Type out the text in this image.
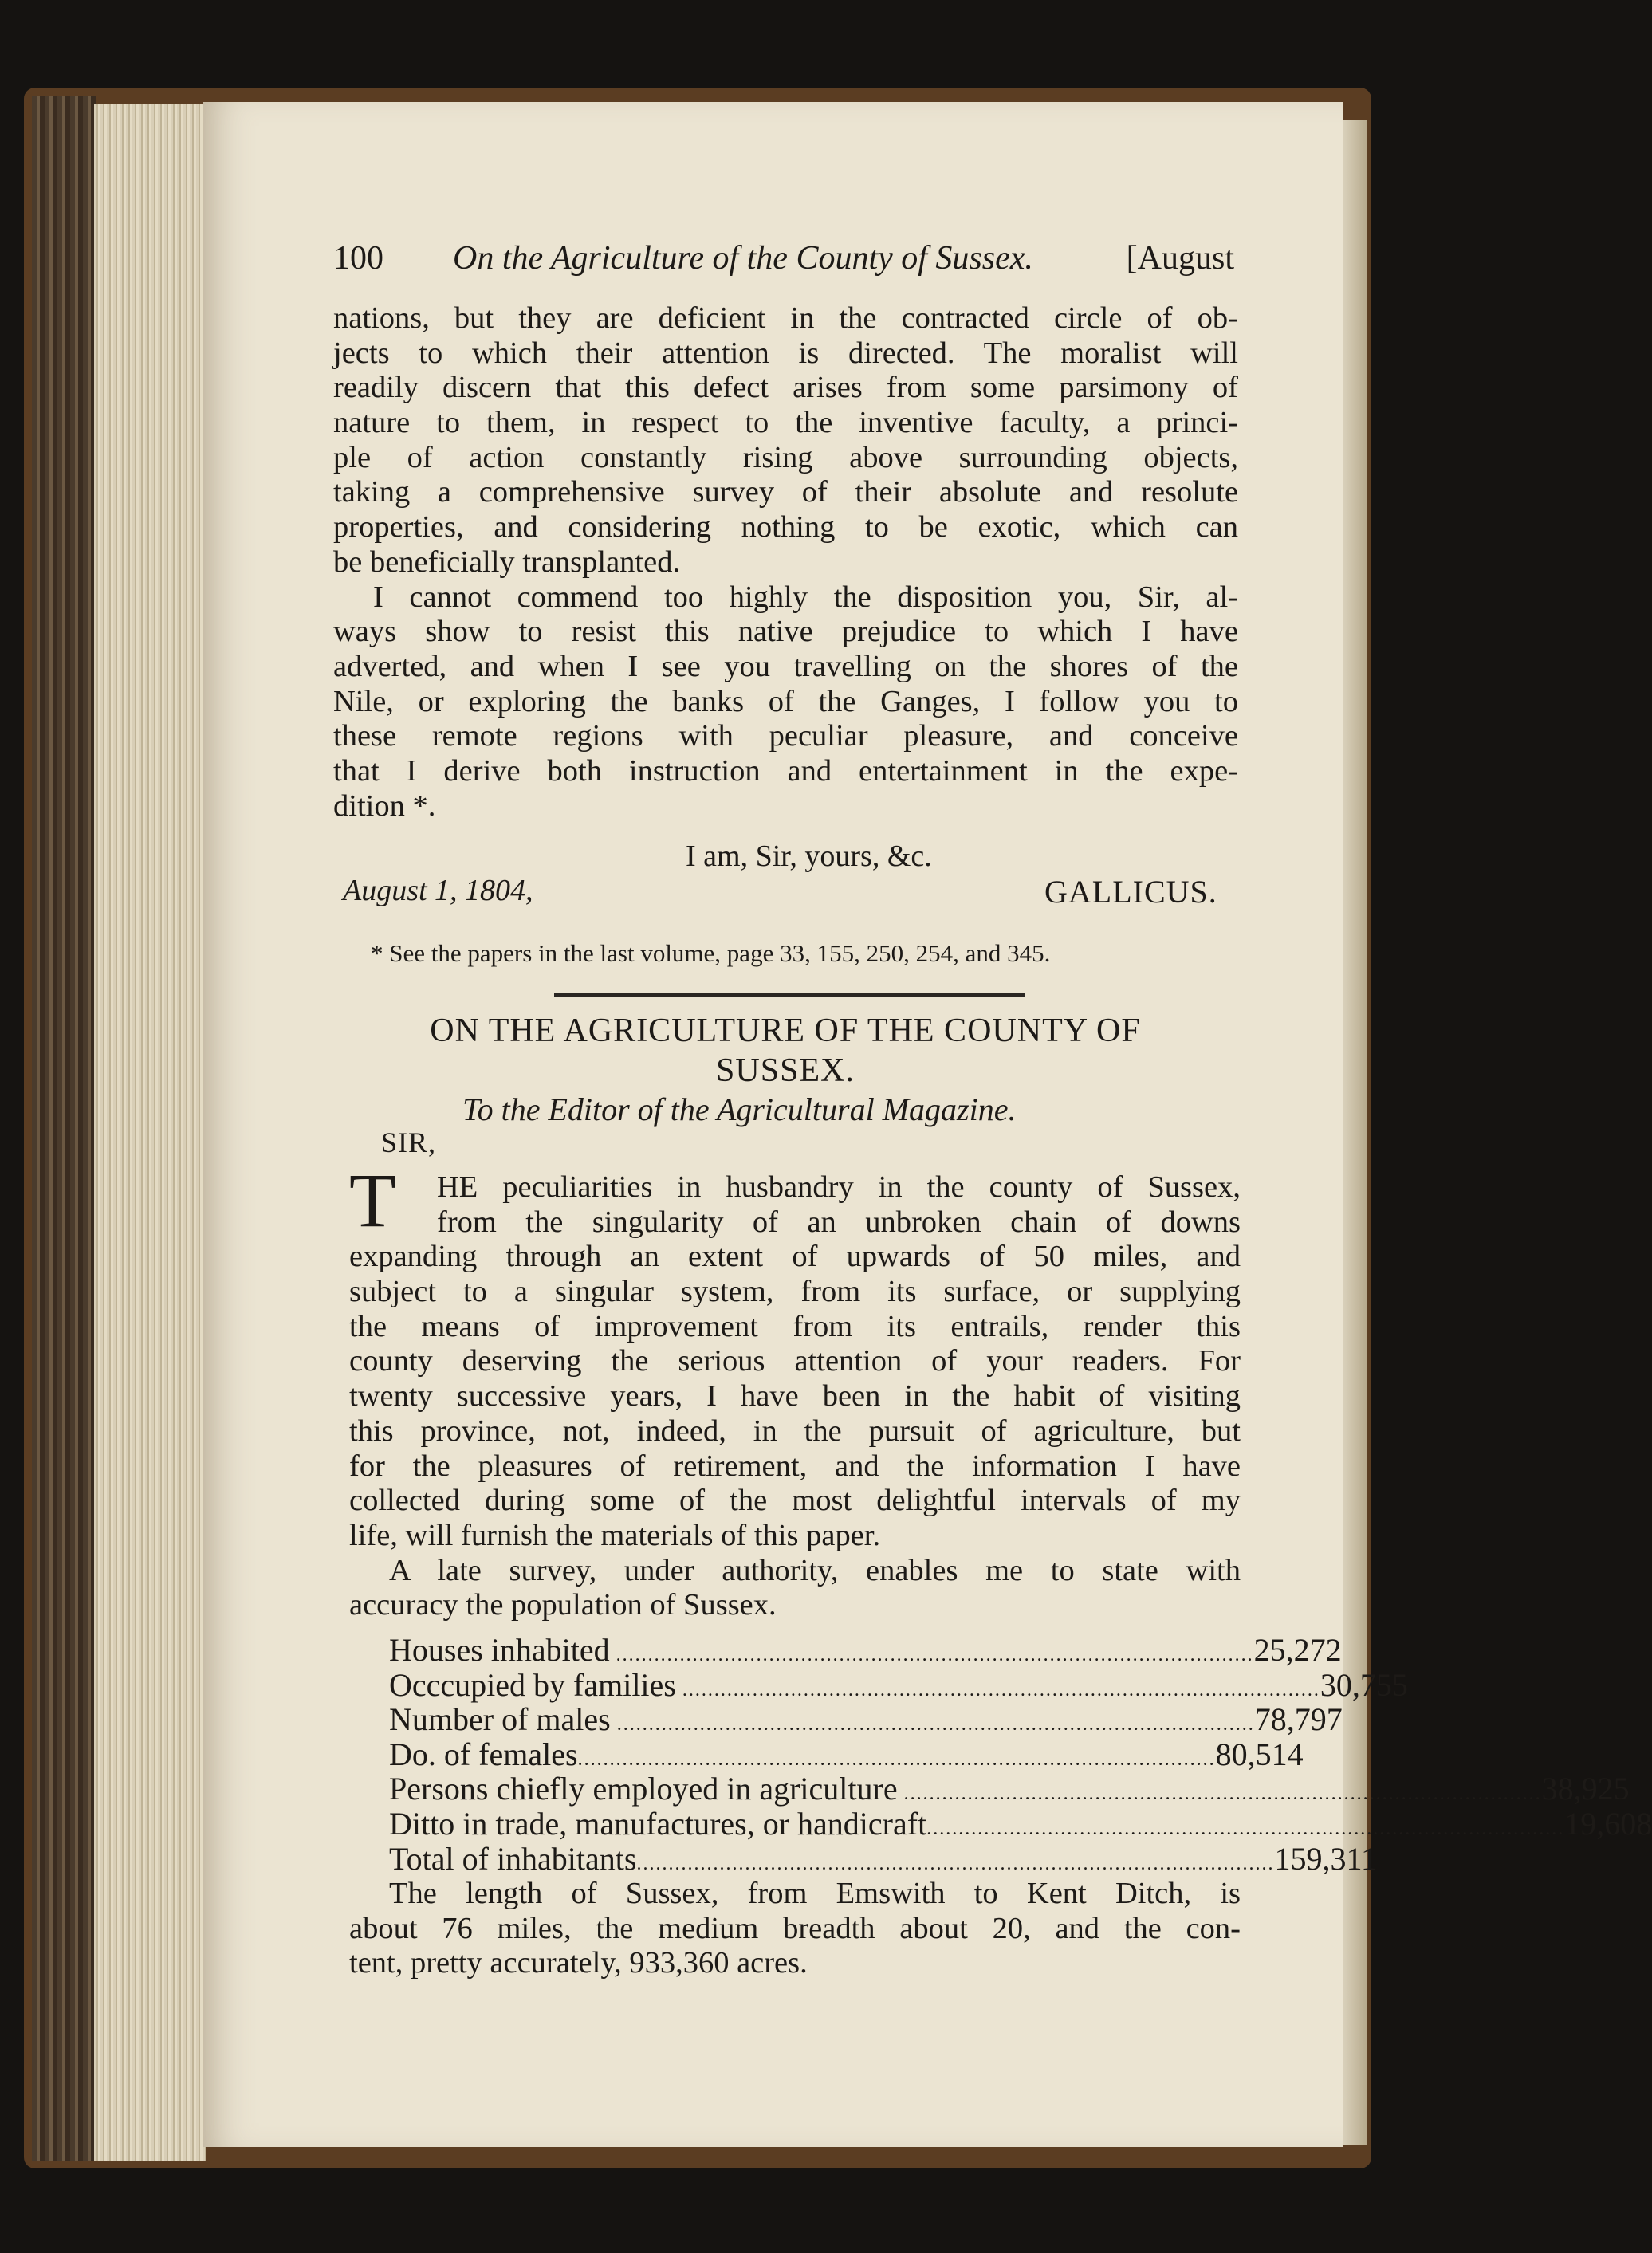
100 On the Agriculture of the County of Sussex.	[August
nations, but they are deficient in the contracted circle of ob-
jects to which their attention is directed. The moralist will
readily discern that this defect arises from some parsimony of
nature to them, in respect to the inventive faculty, a princi-
ple of action constantly rising above surrounding objects,
taking a comprehensive survey of their absolute and resolute
properties, and considering nothing to be exotic, which can
be beneficially transplanted.
I cannot commend too highly the disposition you, Sir, al-
ways show to resist this native prejudice to which I have
adverted, and when I see you travelling on the shores of the
Nile, or exploring the banks of the Ganges, I follow you to
these remote regions with peculiar pleasure, and conceive
that I derive both instruction and entertainment in the expe-
dition *.
I am, Sir, yours, &c.
August 1, 1804,	GALLICUS.
* See the papers in the last volume, page 33, 155, 250, 254, and 345.
ON THE AGRICULTURE OF THE COUNTY OF
SUSSEX.
To the Editor of the Agricultural Magazine.
SIR,
T	HE peculiarities in husbandry in the county of Sussex,
from the singularity of an unbroken chain of downs
expanding through an extent of upwards of 50 miles, and
subject to a singular system, from its surface, or supplying
the means of improvement from its entrails, render this
county deserving the serious attention of your readers. For
twenty successive years, I have been in the habit of visiting
this province, not, indeed, in the pursuit of agriculture, but
for the pleasures of retirement, and the information I have
collected during some of the most delightful intervals of my
life, will furnish the materials of this paper.
A late survey, under authority, enables me to state with
accuracy the population of Sussex.
Houses inhabited .................................................................................................... 25,272
Occcupied by families .................................................................................................... 30,755
Number of males .................................................................................................... 78,797
Do. of females .................................................................................................... 80,514
Persons chiefly employed in agriculture .................................................................................................... 38,925
Ditto in trade, manufactures, or handicraft .................................................................................................... 19,608
Total of inhabitants .................................................................................................... 159,311
The length of Sussex, from Emswith to Kent Ditch, is
about 76 miles, the medium breadth about 20, and the con-
tent, pretty accurately, 933,360 acres.
